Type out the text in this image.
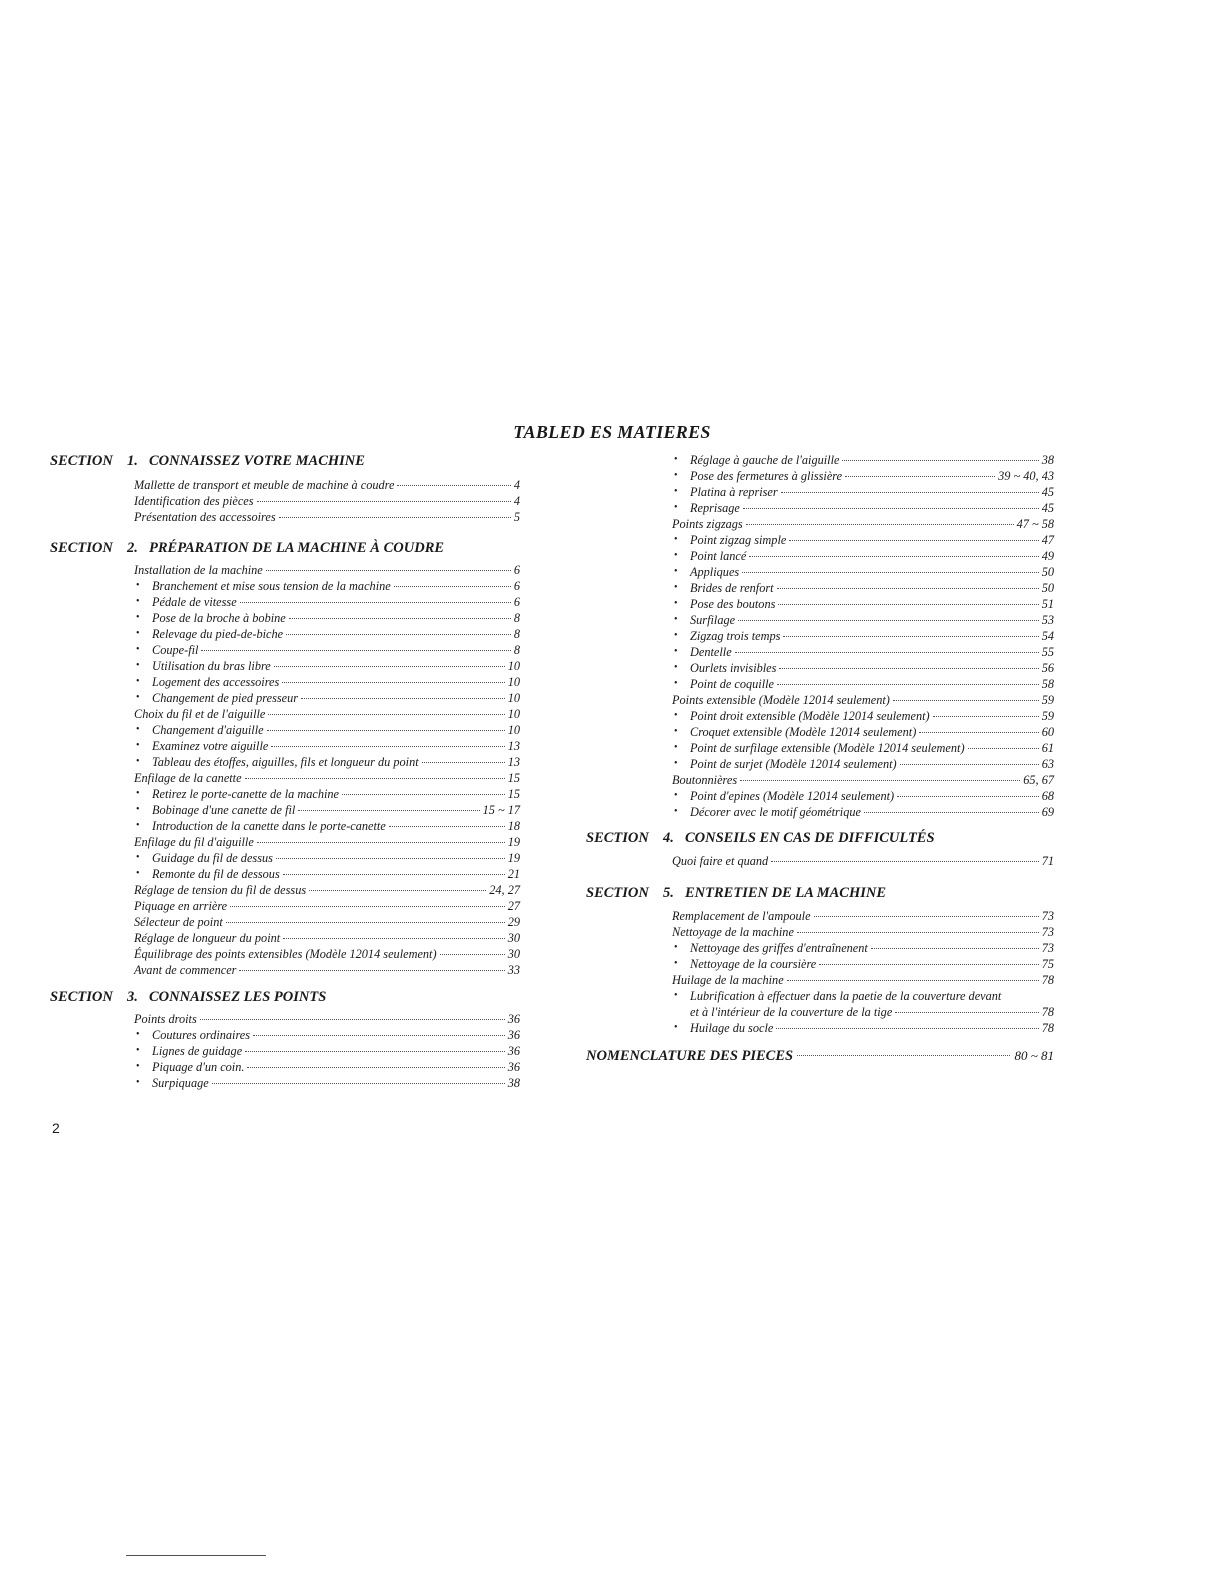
TABLED ES MATIERES
SECTION 1. CONNAISSEZ VOTRE MACHINE
Mallette de transport et meuble de machine à coudre	4
Identification des pièces	4
Présentation des accessoires	5
SECTION 2. PRÉPARATION DE LA MACHINE À COUDRE
Installation de la machine	6
• Branchement et mise sous tension de la machine	6
• Pédale de vitesse	6
• Pose de la broche à bobine	8
• Relevage du pied-de-biche	8
• Coupe-fil	8
• Utilisation du bras libre	10
• Logement des accessoires	10
• Changement de pied presseur	10
Choix du fil et de l'aiguille	10
• Changement d'aiguille	10
• Examinez votre aiguille	13
• Tableau des étoffes, aiguilles, fils et longueur du point	13
Enfilage de la canette	15
• Retirez le porte-canette de la machine	15
• Bobinage d'une canette de fil	15 ~ 17
• Introduction de la canette dans le porte-canette	18
Enfilage du fil d'aiguille	19
• Guidage du fil de dessus	19
• Remonte du fil de dessous	21
Réglage de tension du fil de dessus	24, 27
Piquage en arrière	27
Sélecteur de point	29
Réglage de longueur du point	30
Équilibrage des points extensibles (Modèle 12014 seulement)	30
Avant de commencer	33
SECTION 3. CONNAISSEZ LES POINTS
Points droits	36
• Coutures ordinaires	36
• Lignes de guidage	36
• Piquage d'un coin.	36
• Surpiquage	38
• Réglage à gauche de l'aiguille	38
• Pose des fermetures à glissière	39 ~ 40, 43
• Platina à repriser	45
• Reprisage	45
Points zigzags	47 ~ 58
• Point zigzag simple	47
• Point lancé	49
• Appliques	50
• Brides de renfort	50
• Pose des boutons	51
• Surfilage	53
• Zigzag trois temps	54
• Dentelle	55
• Ourlets invisibles	56
• Point de coquille	58
Points extensible (Modèle 12014 seulement)	59
• Point droit extensible (Modèle 12014 seulement)	59
• Croquet extensible (Modèle 12014 seulement)	60
• Point de surfilage extensible (Modèle 12014 seulement)	61
• Point de surjet (Modèle 12014 seulement)	63
Boutonnières	65, 67
• Point d'epines (Modèle 12014 seulement)	68
• Décorer avec le motif géométrique	69
SECTION 4. CONSEILS EN CAS DE DIFFICULTÉS
Quoi faire et quand	71
SECTION 5. ENTRETIEN DE LA MACHINE
Remplacement de l'ampoule	73
Nettoyage de la machine	73
• Nettoyage des griffes d'entraînenent	73
• Nettoyage de la coursière	75
Huilage de la machine	78
• Lubrification à effectuer dans la paetie de la couverture devant
et à l'intérieur de la couverture de la tige	78
• Huilage du socle	78
NOMENCLATURE DES PIECES	80 ~ 81
2
